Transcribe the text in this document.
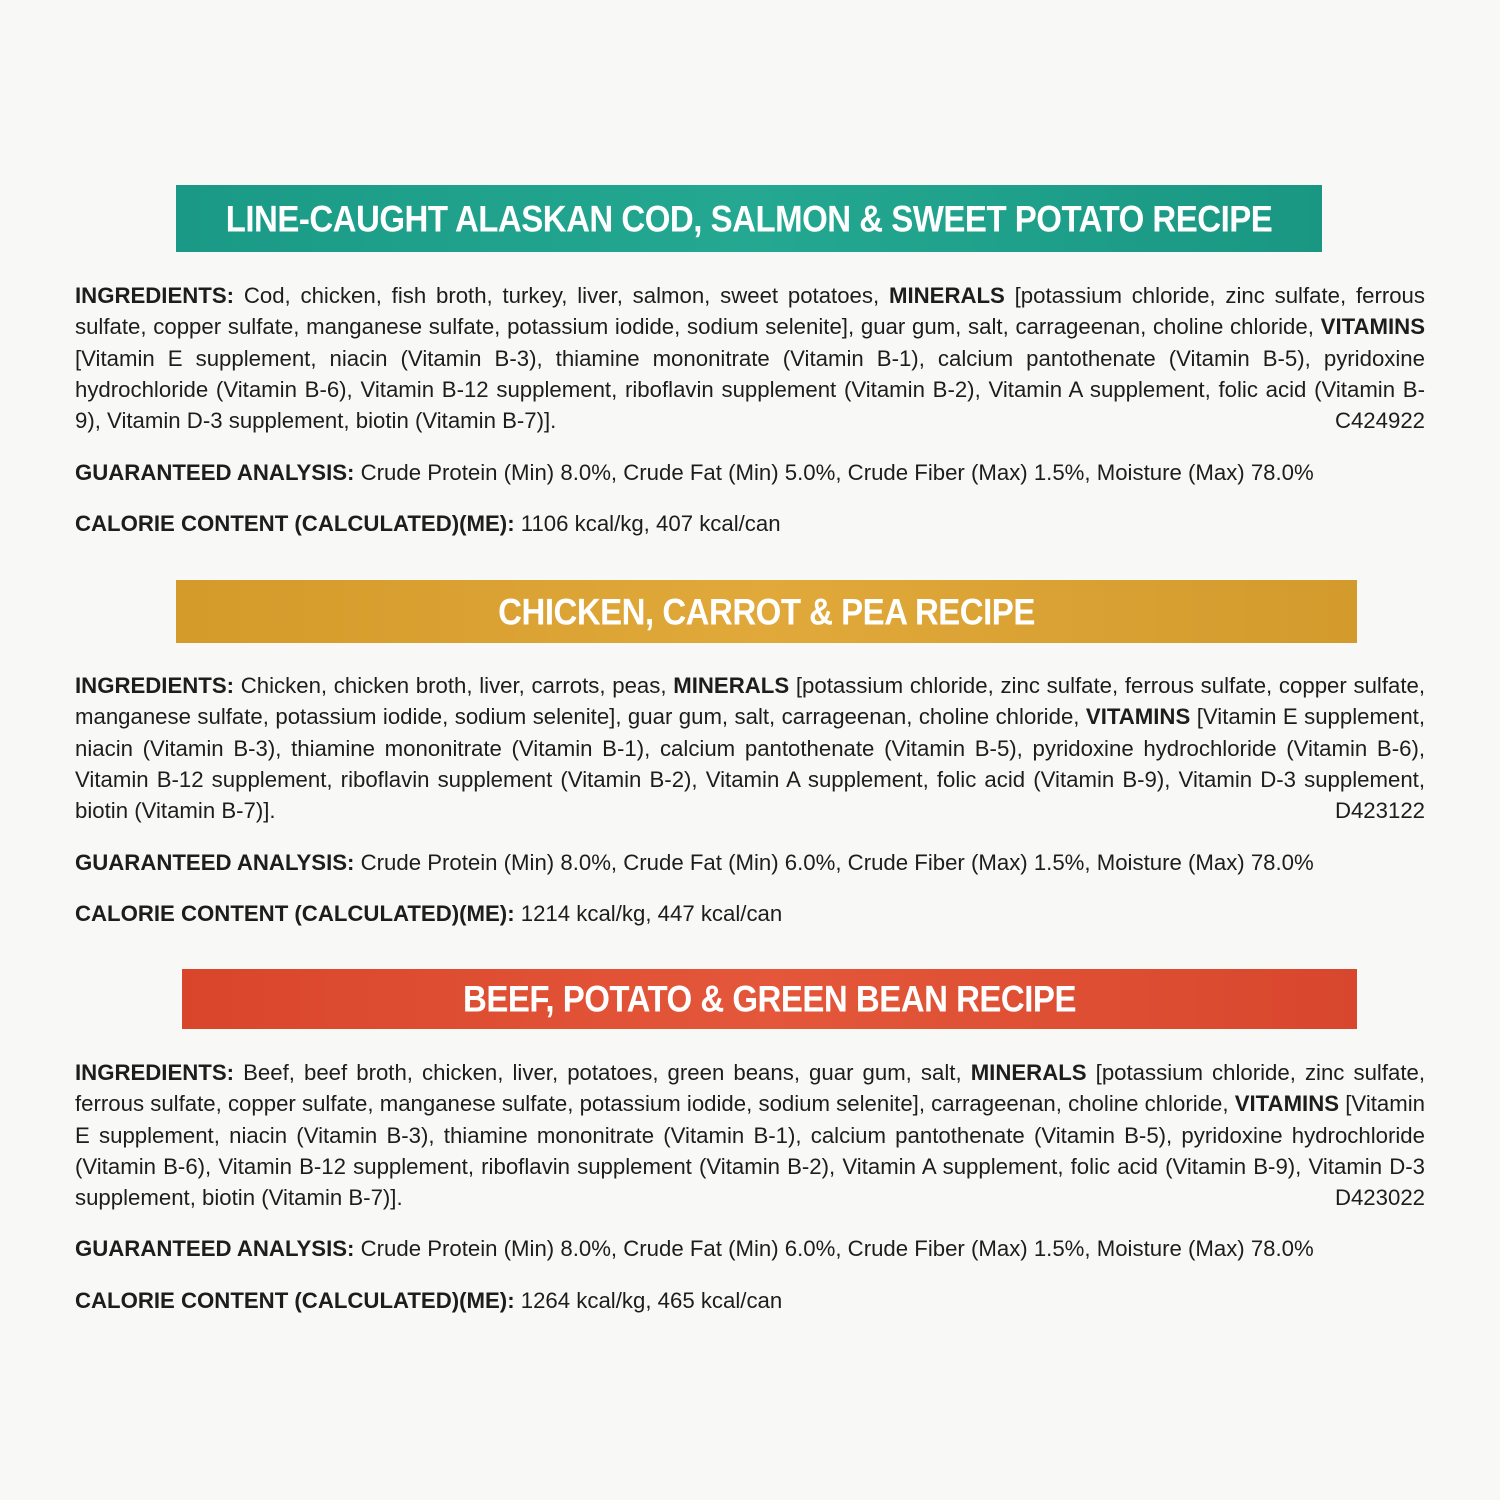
LINE-CAUGHT ALASKAN COD, SALMON & SWEET POTATO RECIPE

INGREDIENTS: Cod, chicken, fish broth, turkey, liver, salmon, sweet potatoes, MINERALS [potassium chloride, zinc sulfate, ferrous sulfate, copper sulfate, manganese sulfate, potassium iodide, sodium selenite], guar gum, salt, carrageenan, choline chloride, VITAMINS [Vitamin E supplement, niacin (Vitamin B-3), thiamine mononitrate (Vitamin B-1), calcium pantothenate (Vitamin B-5), pyridoxine hydrochloride (Vitamin B-6), Vitamin B-12 supplement, riboflavin supplement (Vitamin B-2), Vitamin A supplement, folic acid (Vitamin B-9), Vitamin D-3 supplement, biotin (Vitamin B-7)].	C424922

GUARANTEED ANALYSIS: Crude Protein (Min) 8.0%, Crude Fat (Min) 5.0%, Crude Fiber (Max) 1.5%, Moisture (Max) 78.0%

CALORIE CONTENT (CALCULATED)(ME): 1106 kcal/kg, 407 kcal/can

CHICKEN, CARROT & PEA RECIPE

INGREDIENTS: Chicken, chicken broth, liver, carrots, peas, MINERALS [potassium chloride, zinc sulfate, ferrous sulfate, copper sulfate, manganese sulfate, potassium iodide, sodium selenite], guar gum, salt, carrageenan, choline chloride, VITAMINS [Vitamin E supplement, niacin (Vitamin B-3), thiamine mononitrate (Vitamin B-1), calcium pantothenate (Vitamin B-5), pyridoxine hydrochloride (Vitamin B-6), Vitamin B-12 supplement, riboflavin supplement (Vitamin B-2), Vitamin A supplement, folic acid (Vitamin B-9), Vitamin D-3 supplement, biotin (Vitamin B-7)].	D423122

GUARANTEED ANALYSIS: Crude Protein (Min) 8.0%, Crude Fat (Min) 6.0%, Crude Fiber (Max) 1.5%, Moisture (Max) 78.0%

CALORIE CONTENT (CALCULATED)(ME): 1214 kcal/kg, 447 kcal/can

BEEF, POTATO & GREEN BEAN RECIPE

INGREDIENTS: Beef, beef broth, chicken, liver, potatoes, green beans, guar gum, salt, MINERALS [potassium chloride, zinc sulfate, ferrous sulfate, copper sulfate, manganese sulfate, potassium iodide, sodium selenite], carrageenan, choline chloride, VITAMINS [Vitamin E supplement, niacin (Vitamin B-3), thiamine mononitrate (Vitamin B-1), calcium pantothenate (Vitamin B-5), pyridoxine hydrochloride (Vitamin B-6), Vitamin B-12 supplement, riboflavin supplement (Vitamin B-2), Vitamin A supplement, folic acid (Vitamin B-9), Vitamin D-3 supplement, biotin (Vitamin B-7)].	D423022

GUARANTEED ANALYSIS: Crude Protein (Min) 8.0%, Crude Fat (Min) 6.0%, Crude Fiber (Max) 1.5%, Moisture (Max) 78.0%

CALORIE CONTENT (CALCULATED)(ME): 1264 kcal/kg, 465 kcal/can
